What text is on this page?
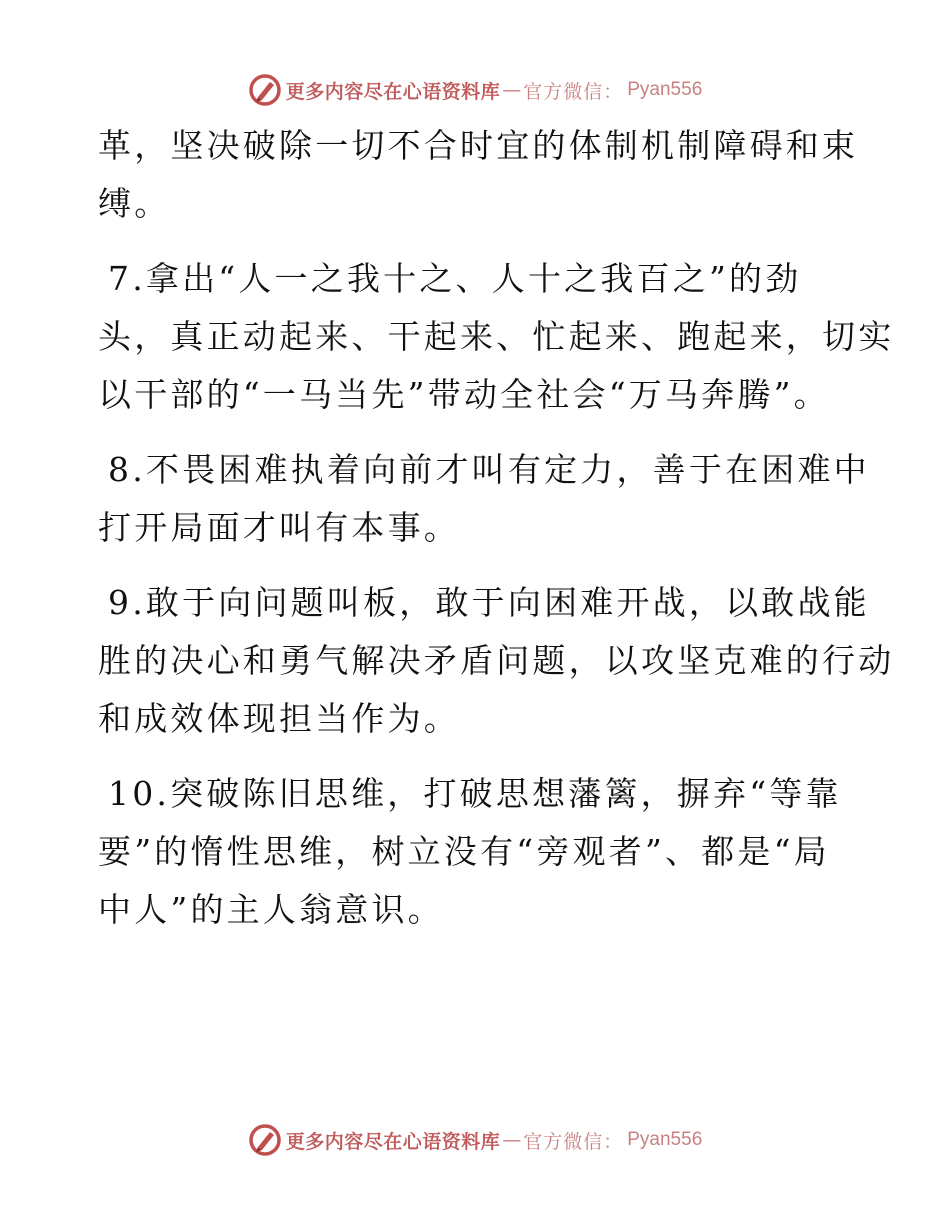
更多内容尽在心语资料库 — 官方微信： Pyan556

革，坚决破除一切不合时宜的体制机制障碍和束
缚。

7.拿出“人一之我十之、人十之我百之”的劲
头，真正动起来、干起来、忙起来、跑起来，切实
以干部的“一马当先”带动全社会“万马奔腾”。

8.不畏困难执着向前才叫有定力，善于在困难中
打开局面才叫有本事。

9.敢于向问题叫板，敢于向困难开战，以敢战能
胜的决心和勇气解决矛盾问题，以攻坚克难的行动
和成效体现担当作为。

10.突破陈旧思维，打破思想藩篱，摒弃“等靠
要”的惰性思维，树立没有“旁观者”、都是“局
中人”的主人翁意识。

更多内容尽在心语资料库 — 官方微信： Pyan556
